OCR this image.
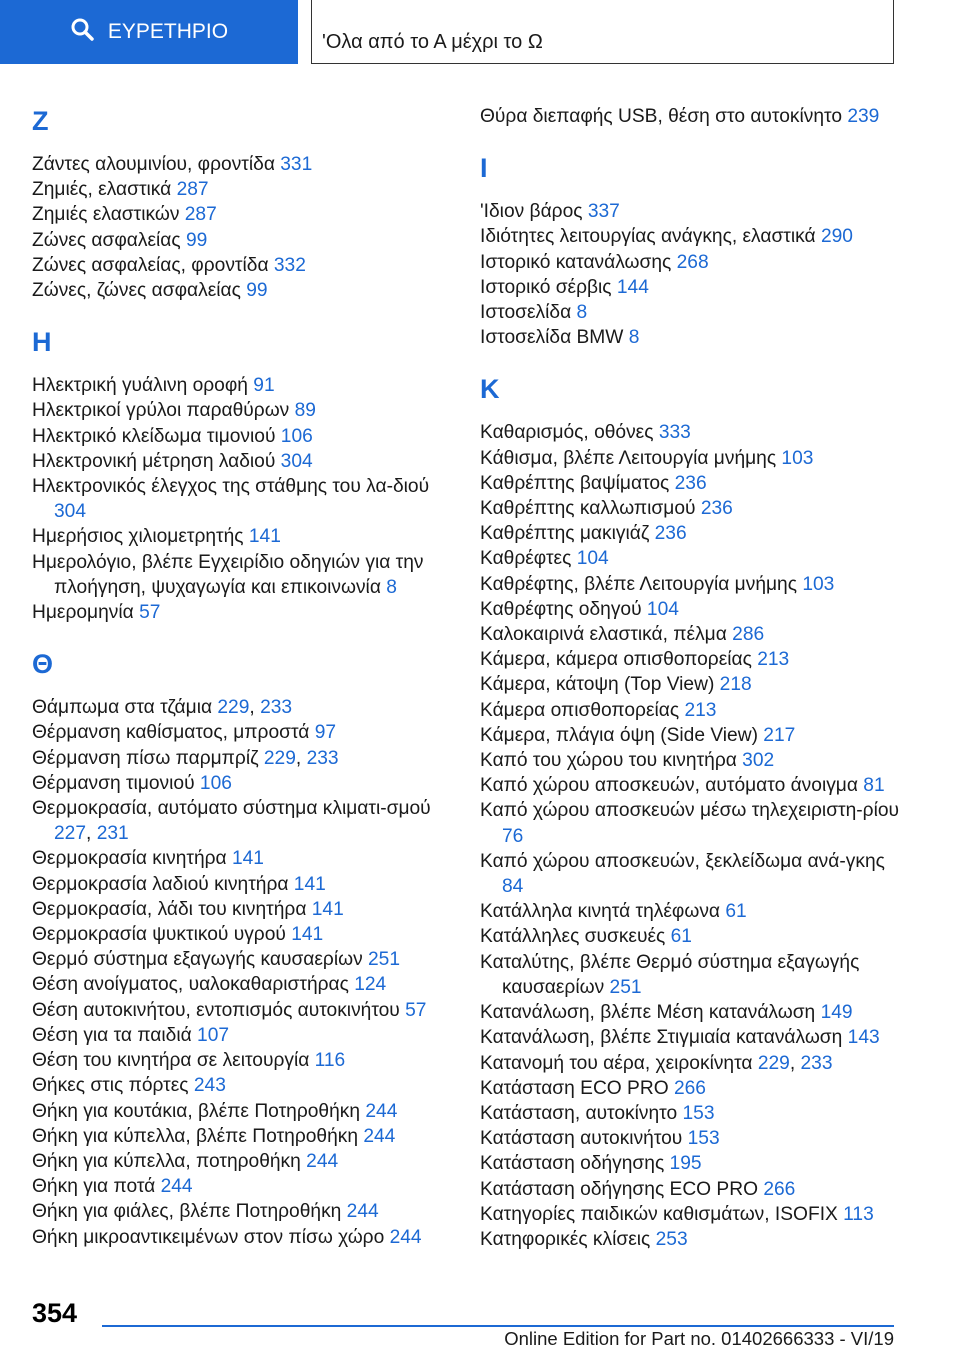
ΕΥΡΕΤΗΡΙΟ	'Ολα από το Α μέχρι το Ω
Z
Ζάντες αλουμινίου, φροντίδα 331
Ζημιές, ελαστικά 287
Ζημιές ελαστικών 287
Ζώνες ασφαλείας 99
Ζώνες ασφαλείας, φροντίδα 332
Ζώνες, ζώνες ασφαλείας 99
H
Ηλεκτρική γυάλινη οροφή 91
Ηλεκτρικοί γρύλοι παραθύρων 89
Ηλεκτρικό κλείδωμα τιμονιού 106
Ηλεκτρονική μέτρηση λαδιού 304
Ηλεκτρονικός έλεγχος της στάθμης του λα-διού 304
Ημερήσιος χιλιομετρητής 141
Ημερολόγιο, βλέπε Εγχειρίδιο οδηγιών για την πλοήγηση, ψυχαγωγία και επικοινωνία 8
Ημερομηνία 57
Θ
Θάμπωμα στα τζάμια 229, 233
Θέρμανση καθίσματος, μπροστά 97
Θέρμανση πίσω παρμπρίζ 229, 233
Θέρμανση τιμονιού 106
Θερμοκρασία, αυτόματο σύστημα κλιματι-σμού 227, 231
Θερμοκρασία κινητήρα 141
Θερμοκρασία λαδιού κινητήρα 141
Θερμοκρασία, λάδι του κινητήρα 141
Θερμοκρασία ψυκτικού υγρού 141
Θερμό σύστημα εξαγωγής καυσαερίων 251
Θέση ανοίγματος, υαλοκαθαριστήρας 124
Θέση αυτοκινήτου, εντοπισμός αυτοκινήτου 57
Θέση για τα παιδιά 107
Θέση του κινητήρα σε λειτουργία 116
Θήκες στις πόρτες 243
Θήκη για κουτάκια, βλέπε Ποτηροθήκη 244
Θήκη για κύπελλα, βλέπε Ποτηροθήκη 244
Θήκη για κύπελλα, ποτηροθήκη 244
Θήκη για ποτά 244
Θήκη για φιάλες, βλέπε Ποτηροθήκη 244
Θήκη μικροαντικειμένων στον πίσω χώρο 244
Θύρα διεπαφής USB, θέση στο αυτοκίνητο 239
I
'Ιδιον βάρος 337
Ιδιότητες λειτουργίας ανάγκης, ελαστικά 290
Ιστορικό κατανάλωσης 268
Ιστορικό σέρβις 144
Ιστοσελίδα 8
Ιστοσελίδα BMW 8
K
Καθαρισμός, οθόνες 333
Κάθισμα, βλέπε Λειτουργία μνήμης 103
Καθρέπτης βαψίματος 236
Καθρέπτης καλλωπισμού 236
Καθρέπτης μακιγιάζ 236
Καθρέφτες 104
Καθρέφτης, βλέπε Λειτουργία μνήμης 103
Καθρέφτης οδηγού 104
Καλοκαιρινά ελαστικά, πέλμα 286
Κάμερα, κάμερα οπισθοπορείας 213
Κάμερα, κάτοψη (Top View) 218
Κάμερα οπισθοπορείας 213
Κάμερα, πλάγια όψη (Side View) 217
Καπό του χώρου του κινητήρα 302
Καπό χώρου αποσκευών, αυτόματο άνοιγμα 81
Καπό χώρου αποσκευών μέσω τηλεχειριστη-ρίου 76
Καπό χώρου αποσκευών, ξεκλείδωμα ανά-γκης 84
Κατάλληλα κινητά τηλέφωνα 61
Κατάλληλες συσκευές 61
Καταλύτης, βλέπε Θερμό σύστημα εξαγωγής καυσαερίων 251
Κατανάλωση, βλέπε Μέση κατανάλωση 149
Κατανάλωση, βλέπε Στιγμιαία κατανάλωση 143
Κατανομή του αέρα, χειροκίνητα 229, 233
Κατάσταση ECO PRO 266
Κατάσταση, αυτοκίνητο 153
Κατάσταση αυτοκινήτου 153
Κατάσταση οδήγησης 195
Κατάσταση οδήγησης ECO PRO 266
Κατηγορίες παιδικών καθισμάτων, ISOFIX 113
Κατηφορικές κλίσεις 253
354
Online Edition for Part no. 01402666333 - VI/19
